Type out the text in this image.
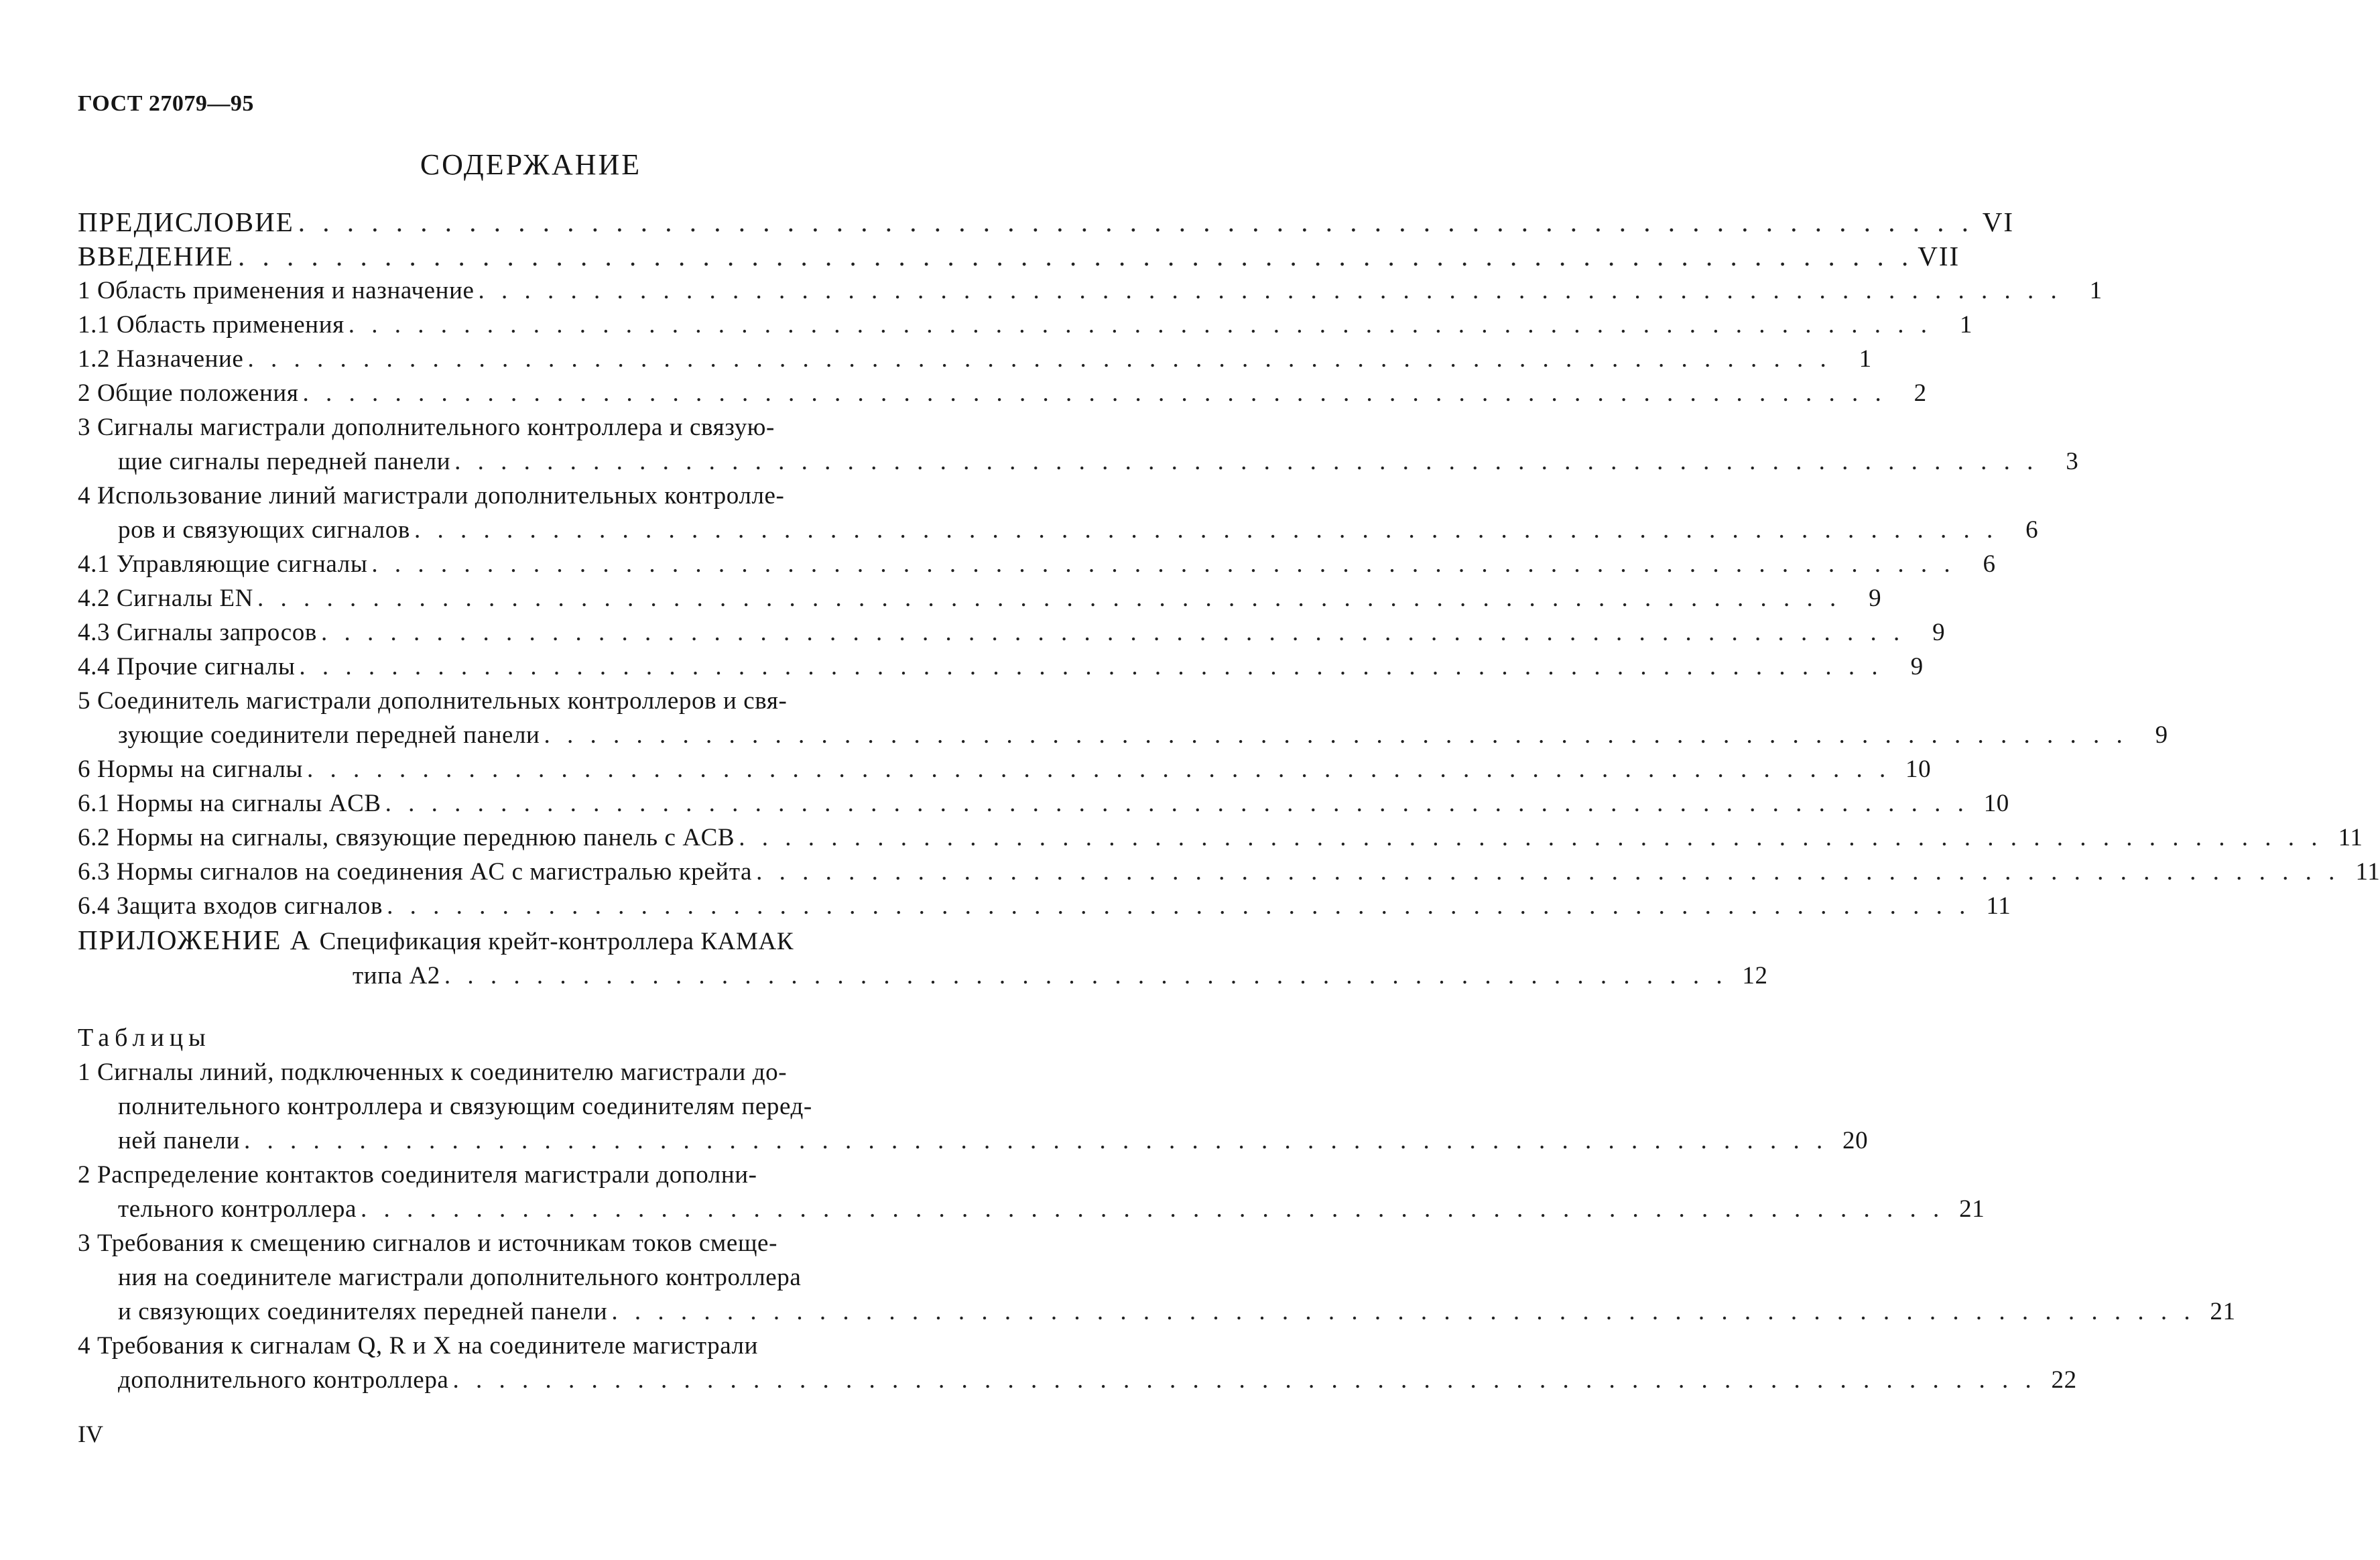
ГОСТ 27079—95
СОДЕРЖАНИЕ
ПРЕДИСЛОВИЕ . . . . . . . . . . . . . . . . . . . . . . . . . . . . . . . . . . . . . . . . . . . . . . . . . . . . . . . . . . . . . . . . . . . . . VI
ВВЕДЕНИЕ . . . . . . . . . . . . . . . . . . . . . . . . . . . . . . . . . . . . . . . . . . . . . . . . . . . . . . . . . . . . . . . . . . . . . VII
1 Область применения и назначение . . . . . . . . . . . . . . . . . . . . . . . . . . . . . . . . . . . . . . . . . . . . . . . . . . . . . . . . . . . . . . . . . . . . .	1
1.1 Область применения . . . . . . . . . . . . . . . . . . . . . . . . . . . . . . . . . . . . . . . . . . . . . . . . . . . . . . . . . . . . . . . . . . . . .	1
1.2 Назначение . . . . . . . . . . . . . . . . . . . . . . . . . . . . . . . . . . . . . . . . . . . . . . . . . . . . . . . . . . . . . . . . . . . . .	1
2 Общие положения . . . . . . . . . . . . . . . . . . . . . . . . . . . . . . . . . . . . . . . . . . . . . . . . . . . . . . . . . . . . . . . . . . . . .	2
3 Сигналы магистрали дополнительного контроллера и связую-
щие сигналы передней панели . . . . . . . . . . . . . . . . . . . . . . . . . . . . . . . . . . . . . . . . . . . . . . . . . . . . . . . . . . . . . . . . . . . . .	3
4 Использование линий магистрали дополнительных контролле-
ров и связующих сигналов . . . . . . . . . . . . . . . . . . . . . . . . . . . . . . . . . . . . . . . . . . . . . . . . . . . . . . . . . . . . . . . . . . . . .	6
4.1 Управляющие сигналы . . . . . . . . . . . . . . . . . . . . . . . . . . . . . . . . . . . . . . . . . . . . . . . . . . . . . . . . . . . . . . . . . . . . .	6
4.2 Сигналы EN . . . . . . . . . . . . . . . . . . . . . . . . . . . . . . . . . . . . . . . . . . . . . . . . . . . . . . . . . . . . . . . . . . . . .	9
4.3 Сигналы запросов . . . . . . . . . . . . . . . . . . . . . . . . . . . . . . . . . . . . . . . . . . . . . . . . . . . . . . . . . . . . . . . . . . . . .	9
4.4 Прочие сигналы . . . . . . . . . . . . . . . . . . . . . . . . . . . . . . . . . . . . . . . . . . . . . . . . . . . . . . . . . . . . . . . . . . . . .	9
5 Соединитель магистрали дополнительных контроллеров и свя-
зующие соединители передней панели . . . . . . . . . . . . . . . . . . . . . . . . . . . . . . . . . . . . . . . . . . . . . . . . . . . . . . . . . . . . . . . . . . . . .	9
6 Нормы на сигналы . . . . . . . . . . . . . . . . . . . . . . . . . . . . . . . . . . . . . . . . . . . . . . . . . . . . . . . . . . . . . . . . . . . . . 10
6.1 Нормы на сигналы ACB . . . . . . . . . . . . . . . . . . . . . . . . . . . . . . . . . . . . . . . . . . . . . . . . . . . . . . . . . . . . . . . . . . . . . 10
6.2 Нормы на сигналы, связующие переднюю панель с ACB . . . . . . . . . . . . . . . . . . . . . . . . . . . . . . . . . . . . . . . . . . . . . . . . . . . . . . . . . . . . . . . . . . . . . 11
6.3 Нормы сигналов на соединения AC с магистралью крейта . . . . . . . . . . . . . . . . . . . . . . . . . . . . . . . . . . . . . . . . . . . . . . . . . . . . . . . . . . . . . . . . . . . . . 11
6.4 Защита входов сигналов . . . . . . . . . . . . . . . . . . . . . . . . . . . . . . . . . . . . . . . . . . . . . . . . . . . . . . . . . . . . . . . . . . . . . 11
ПРИЛОЖЕНИЕ А Спецификация крейт-контроллера КАМАК
типа А2 . . . . . . . . . . . . . . . . . . . . . . . . . . . . . . . . . . . . . . . . . . . . . . . . . . . . . . . . 12
Таблицы
1 Сигналы линий, подключенных к соединителю магистрали до-
полнительного контроллера и связующим соединителям перед-
ней панели . . . . . . . . . . . . . . . . . . . . . . . . . . . . . . . . . . . . . . . . . . . . . . . . . . . . . . . . . . . . . . . . . . . . . 20
2 Распределение контактов соединителя магистрали дополни-
тельного контроллера . . . . . . . . . . . . . . . . . . . . . . . . . . . . . . . . . . . . . . . . . . . . . . . . . . . . . . . . . . . . . . . . . . . . . 21
3 Требования к смещению сигналов и источникам токов смеще-
ния на соединителе магистрали дополнительного контроллера
и связующих соединителях передней панели . . . . . . . . . . . . . . . . . . . . . . . . . . . . . . . . . . . . . . . . . . . . . . . . . . . . . . . . . . . . . . . . . . . . . 21
4 Требования к сигналам Q, R и X на соединителе магистрали
дополнительного контроллера . . . . . . . . . . . . . . . . . . . . . . . . . . . . . . . . . . . . . . . . . . . . . . . . . . . . . . . . . . . . . . . . . . . . . 22
IV
